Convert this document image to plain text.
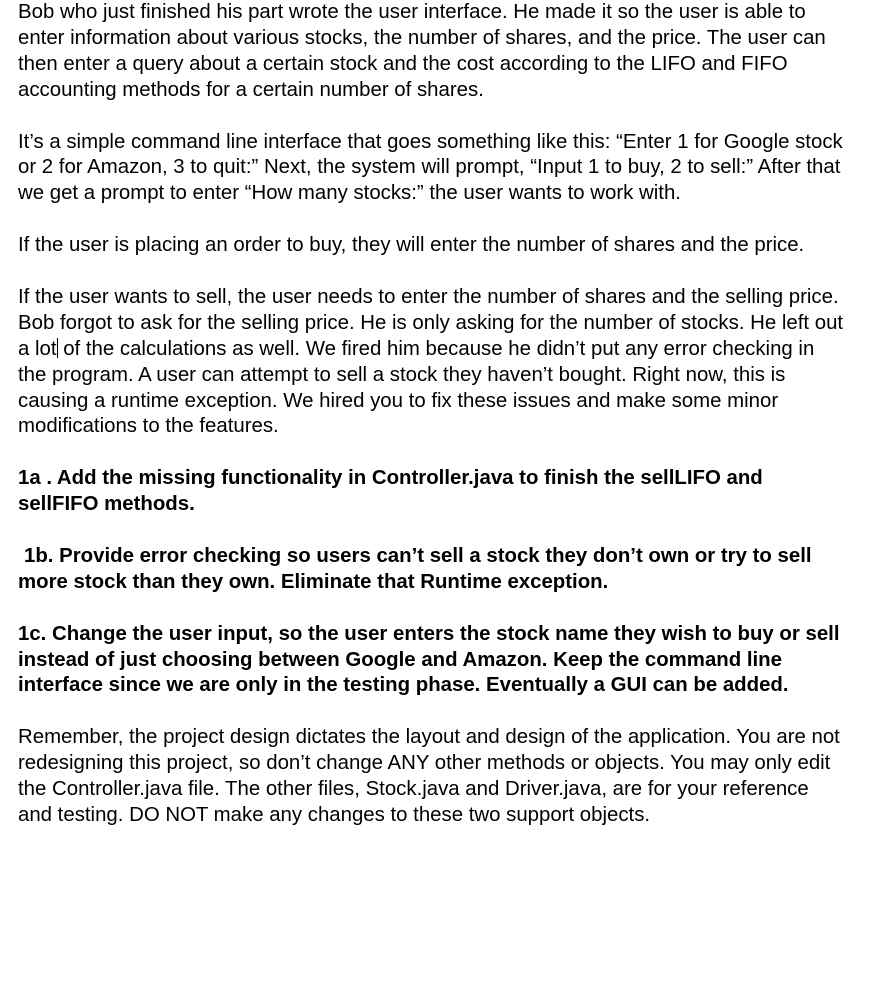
Bob who just finished his part wrote the user interface. He made it so the user is able to enter information about various stocks, the number of shares, and the price. The user can then enter a query about a certain stock and the cost according to the LIFO and FIFO accounting methods for a certain number of shares.

It’s a simple command line interface that goes something like this: “Enter 1 for Google stock or 2 for Amazon, 3 to quit:” Next, the system will prompt, “Input 1 to buy, 2 to sell:” After that we get a prompt to enter “How many stocks:” the user wants to work with.

If the user is placing an order to buy, they will enter the number of shares and the price.

If the user wants to sell, the user needs to enter the number of shares and the selling price. Bob forgot to ask for the selling price. He is only asking for the number of stocks. He left out a lot of the calculations as well. We fired him because he didn’t put any error checking in the program. A user can attempt to sell a stock they haven’t bought. Right now, this is causing a runtime exception. We hired you to fix these issues and make some minor modifications to the features.

1a . Add the missing functionality in Controller.java to finish the sellLIFO and sellFIFO methods.

1b. Provide error checking so users can’t sell a stock they don’t own or try to sell more stock than they own. Eliminate that Runtime exception.

1c. Change the user input, so the user enters the stock name they wish to buy or sell instead of just choosing between Google and Amazon. Keep the command line interface since we are only in the testing phase. Eventually a GUI can be added.

Remember, the project design dictates the layout and design of the application. You are not redesigning this project, so don’t change ANY other methods or objects. You may only edit the Controller.java file. The other files, Stock.java and Driver.java, are for your reference and testing. DO NOT make any changes to these two support objects.
